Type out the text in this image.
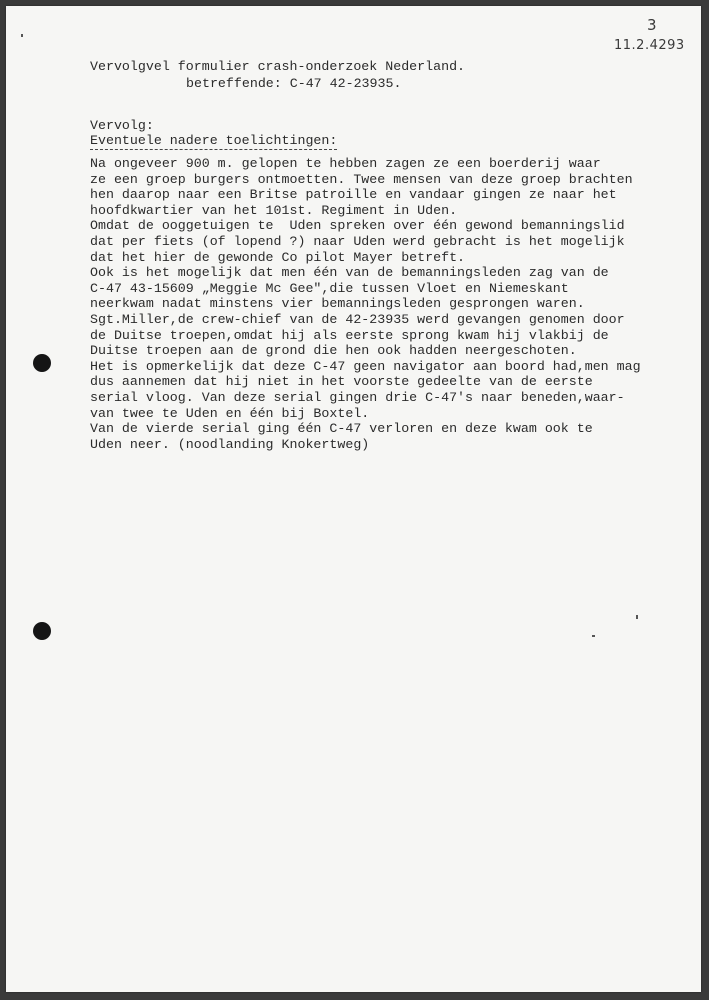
3
11.2.4293
Vervolgvel formulier crash-onderzoek Nederland.
betreffende: C-47 42-23935.
Vervolg:
Eventuele nadere toelichtingen:
Na ongeveer 900 m. gelopen te hebben zagen ze een boerderij waar
ze een groep burgers ontmoetten. Twee mensen van deze groep brachten
hen daarop naar een Britse patroille en vandaar gingen ze naar het
hoofdkwartier van het 101st. Regiment in Uden.
Omdat de ooggetuigen te  Uden spreken over één gewond bemanningslid
dat per fiets (of lopend ?) naar Uden werd gebracht is het mogelijk
dat het hier de gewonde Co pilot Mayer betreft.
Ook is het mogelijk dat men één van de bemanningsleden zag van de
C-47 43-15609 „Meggie Mc Gee",die tussen Vloet en Niemeskant
neerkwam nadat minstens vier bemanningsleden gesprongen waren.
Sgt.Miller,de crew-chief van de 42-23935 werd gevangen genomen door
de Duitse troepen,omdat hij als eerste sprong kwam hij vlakbij de
Duitse troepen aan de grond die hen ook hadden neergeschoten.
Het is opmerkelijk dat deze C-47 geen navigator aan boord had,men mag
dus aannemen dat hij niet in het voorste gedeelte van de eerste
serial vloog. Van deze serial gingen drie C-47's naar beneden,waar-
van twee te Uden en één bij Boxtel.
Van de vierde serial ging één C-47 verloren en deze kwam ook te
Uden neer. (noodlanding Knokertweg)
